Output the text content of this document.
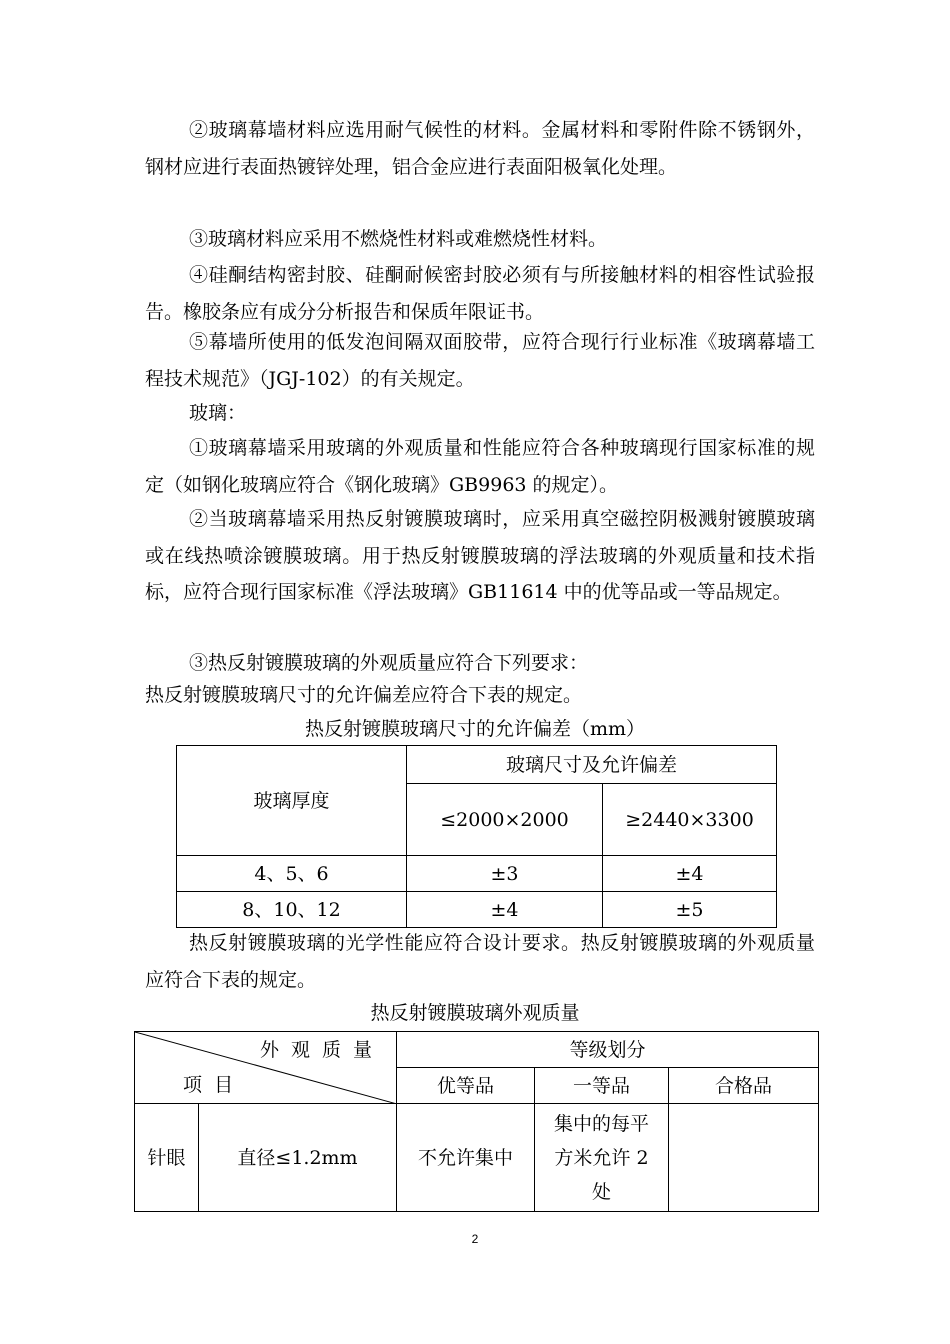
②玻璃幕墙材料应选用耐气候性的材料。金属材料和零附件除不锈钢外，钢材应进行表面热镀锌处理，铝合金应进行表面阳极氧化处理。

③玻璃材料应采用不燃烧性材料或难燃烧性材料。

④硅酮结构密封胶、硅酮耐候密封胶必须有与所接触材料的相容性试验报告。橡胶条应有成分分析报告和保质年限证书。

⑤幕墙所使用的低发泡间隔双面胶带，应符合现行行业标准《玻璃幕墙工程技术规范》（JGJ-102）的有关规定。

玻璃：

①玻璃幕墙采用玻璃的外观质量和性能应符合各种玻璃现行国家标准的规定（如钢化玻璃应符合《钢化玻璃》GB9963 的规定）。

②当玻璃幕墙采用热反射镀膜玻璃时，应采用真空磁控阴极溅射镀膜玻璃或在线热喷涂镀膜玻璃。用于热反射镀膜玻璃的浮法玻璃的外观质量和技术指标，应符合现行国家标准《浮法玻璃》GB11614 中的优等品或一等品规定。

③热反射镀膜玻璃的外观质量应符合下列要求：

热反射镀膜玻璃尺寸的允许偏差应符合下表的规定。

热反射镀膜玻璃尺寸的允许偏差（mm）
玻璃厚度	玻璃尺寸及允许偏差	
	≤2000×2000	≥2440×3300
4、5、6	±3	±4
8、10、12	±4	±5

热反射镀膜玻璃的光学性能应符合设计要求。热反射镀膜玻璃的外观质量应符合下表的规定。

热反射镀膜玻璃外观质量
外观质量
项  目		等级划分		
		优等品	一等品	合格品
针眼	直径≤1.2mm	不允许集中	集中的每平方米允许 2 处	
2
